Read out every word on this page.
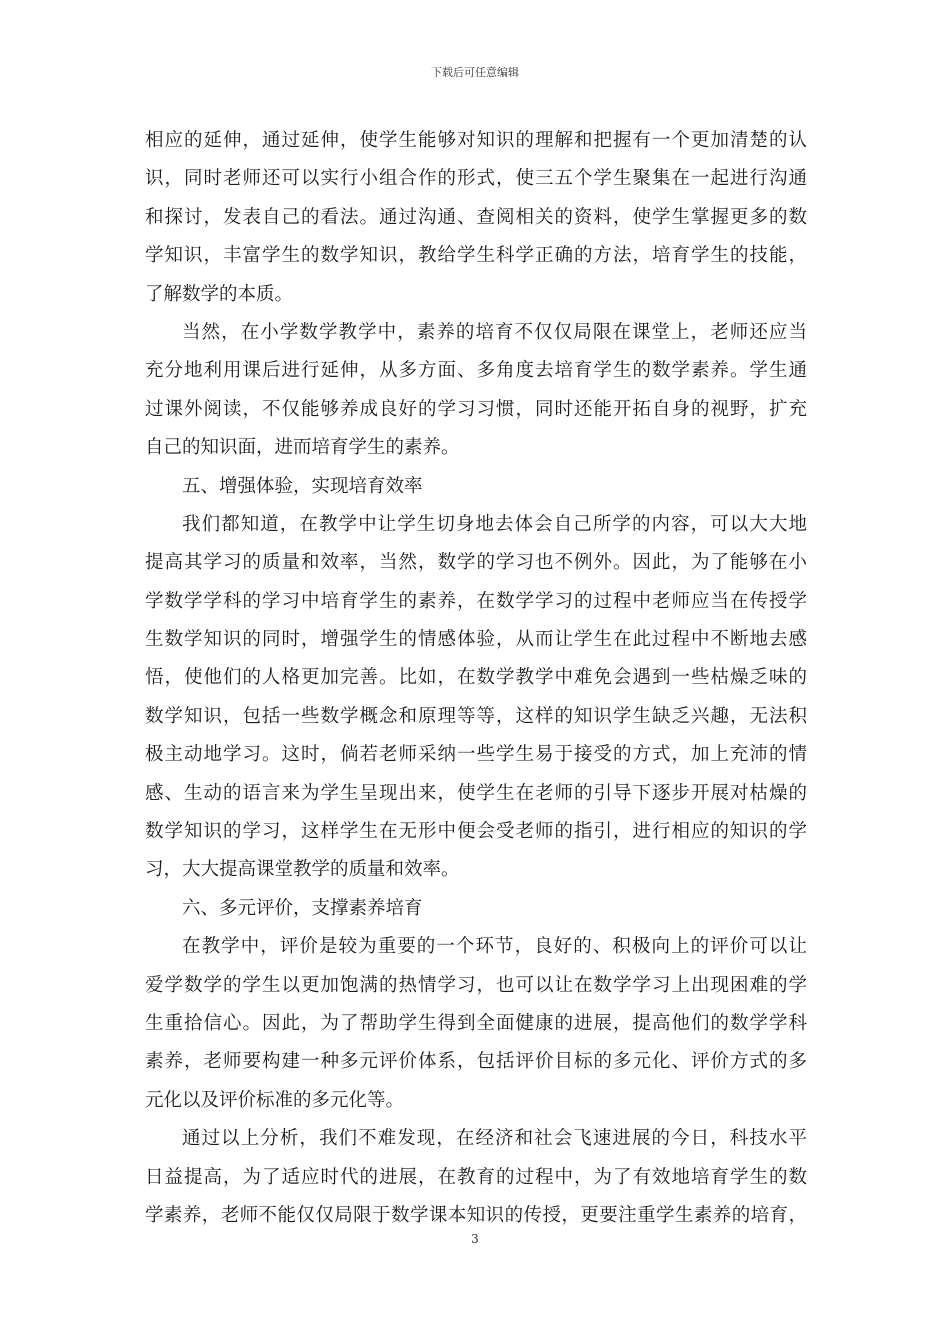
下载后可任意编辑
相应的延伸，通过延伸，使学生能够对知识的理解和把握有一个更加清楚的认
识，同时老师还可以实行小组合作的形式，使三五个学生聚集在一起进行沟通
和探讨，发表自己的看法。通过沟通、查阅相关的资料，使学生掌握更多的数
学知识，丰富学生的数学知识，教给学生科学正确的方法，培育学生的技能，
了解数学的本质。
当然，在小学数学教学中，素养的培育不仅仅局限在课堂上，老师还应当
充分地利用课后进行延伸，从多方面、多角度去培育学生的数学素养。学生通
过课外阅读，不仅能够养成良好的学习习惯，同时还能开拓自身的视野，扩充
自己的知识面，进而培育学生的素养。
五、增强体验，实现培育效率
我们都知道，在教学中让学生切身地去体会自己所学的内容，可以大大地
提高其学习的质量和效率，当然，数学的学习也不例外。因此，为了能够在小
学数学学科的学习中培育学生的素养，在数学学习的过程中老师应当在传授学
生数学知识的同时，增强学生的情感体验，从而让学生在此过程中不断地去感
悟，使他们的人格更加完善。比如，在数学教学中难免会遇到一些枯燥乏味的
数学知识，包括一些数学概念和原理等等，这样的知识学生缺乏兴趣，无法积
极主动地学习。这时，倘若老师采纳一些学生易于接受的方式，加上充沛的情
感、生动的语言来为学生呈现出来，使学生在老师的引导下逐步开展对枯燥的
数学知识的学习，这样学生在无形中便会受老师的指引，进行相应的知识的学
习，大大提高课堂教学的质量和效率。
六、多元评价，支撑素养培育
在教学中，评价是较为重要的一个环节，良好的、积极向上的评价可以让
爱学数学的学生以更加饱满的热情学习，也可以让在数学学习上出现困难的学
生重拾信心。因此，为了帮助学生得到全面健康的进展，提高他们的数学学科
素养，老师要构建一种多元评价体系，包括评价目标的多元化、评价方式的多
元化以及评价标准的多元化等。
通过以上分析，我们不难发现，在经济和社会飞速进展的今日，科技水平
日益提高，为了适应时代的进展，在教育的过程中，为了有效地培育学生的数
学素养，老师不能仅仅局限于数学课本知识的传授，更要注重学生素养的培育，
3
